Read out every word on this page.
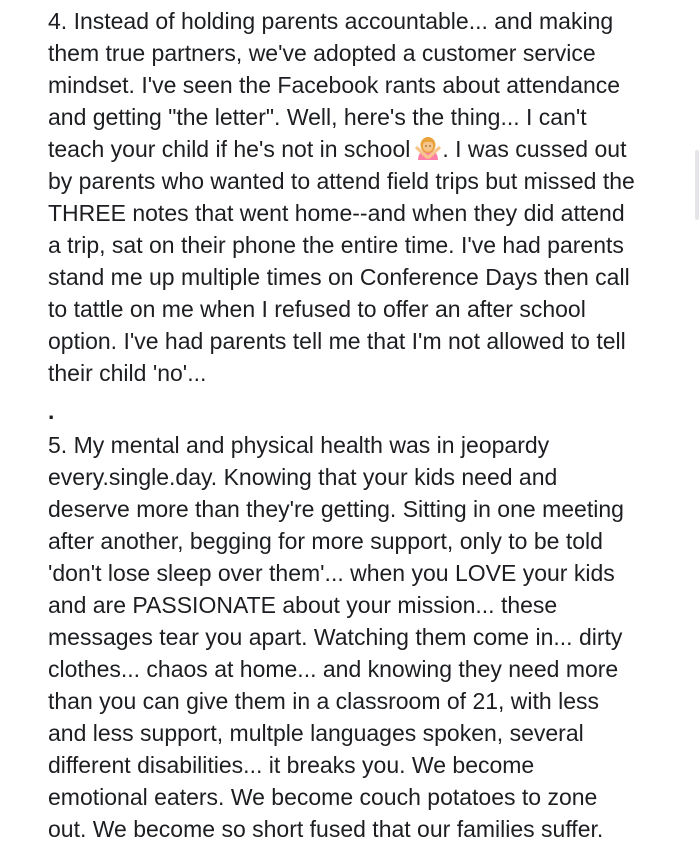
4. Instead of holding parents accountable... and making
them true partners, we've adopted a customer service
mindset. I've seen the Facebook rants about attendance
and getting "the letter". Well, here's the thing... I can't
teach your child if he's not in school . I was cussed out
by parents who wanted to attend field trips but missed the
THREE notes that went home--and when they did attend
a trip, sat on their phone the entire time. I've had parents
stand me up multiple times on Conference Days then call
to tattle on me when I refused to offer an after school
option. I've had parents tell me that I'm not allowed to tell
their child 'no'...
.
5. My mental and physical health was in jeopardy
every.single.day. Knowing that your kids need and
deserve more than they're getting. Sitting in one meeting
after another, begging for more support, only to be told
'don't lose sleep over them'... when you LOVE your kids
and are PASSIONATE about your mission... these
messages tear you apart. Watching them come in... dirty
clothes... chaos at home... and knowing they need more
than you can give them in a classroom of 21, with less
and less support, multple languages spoken, several
different disabilities... it breaks you. We become
emotional eaters. We become couch potatoes to zone
out. We become so short fused that our families suffer.
